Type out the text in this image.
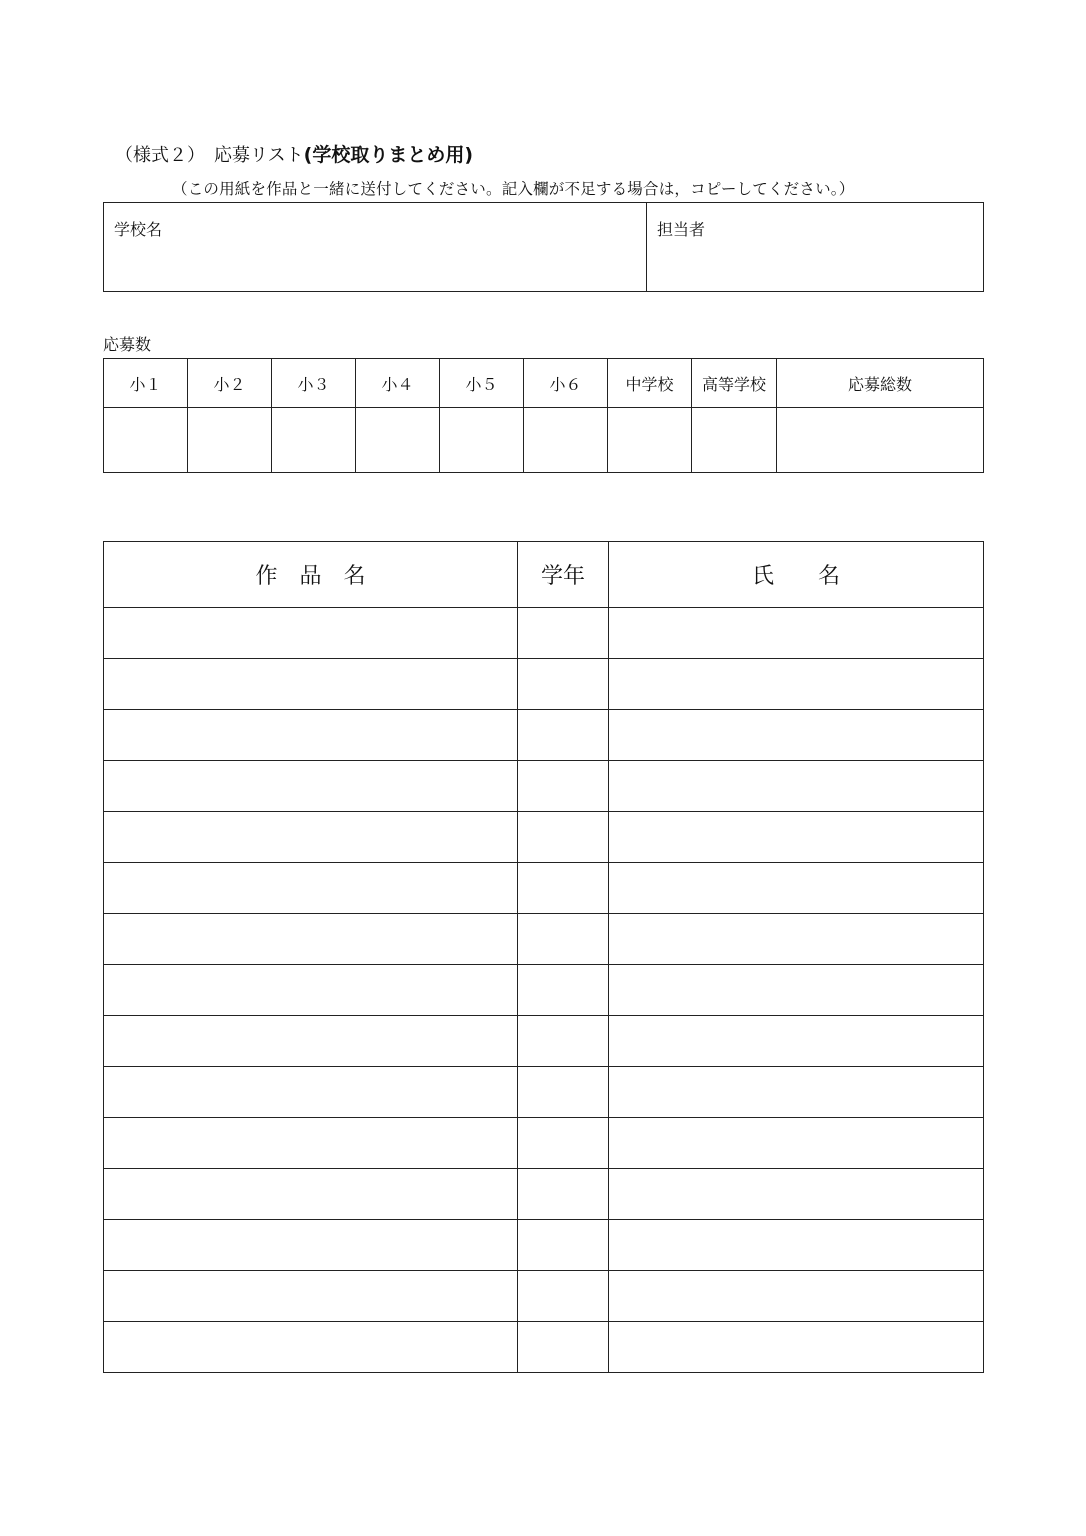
（様式２）　 応募リスト(学校取りまとめ用)
（この用紙を作品と一緒に送付してください。記入欄が不足する場合は，コピーしてください。）
学校名	担当者
応募数
小１	小２	小３	小４	小５	小６	中学校	高等学校	応募総数

作　品　名	学年	氏　　名
